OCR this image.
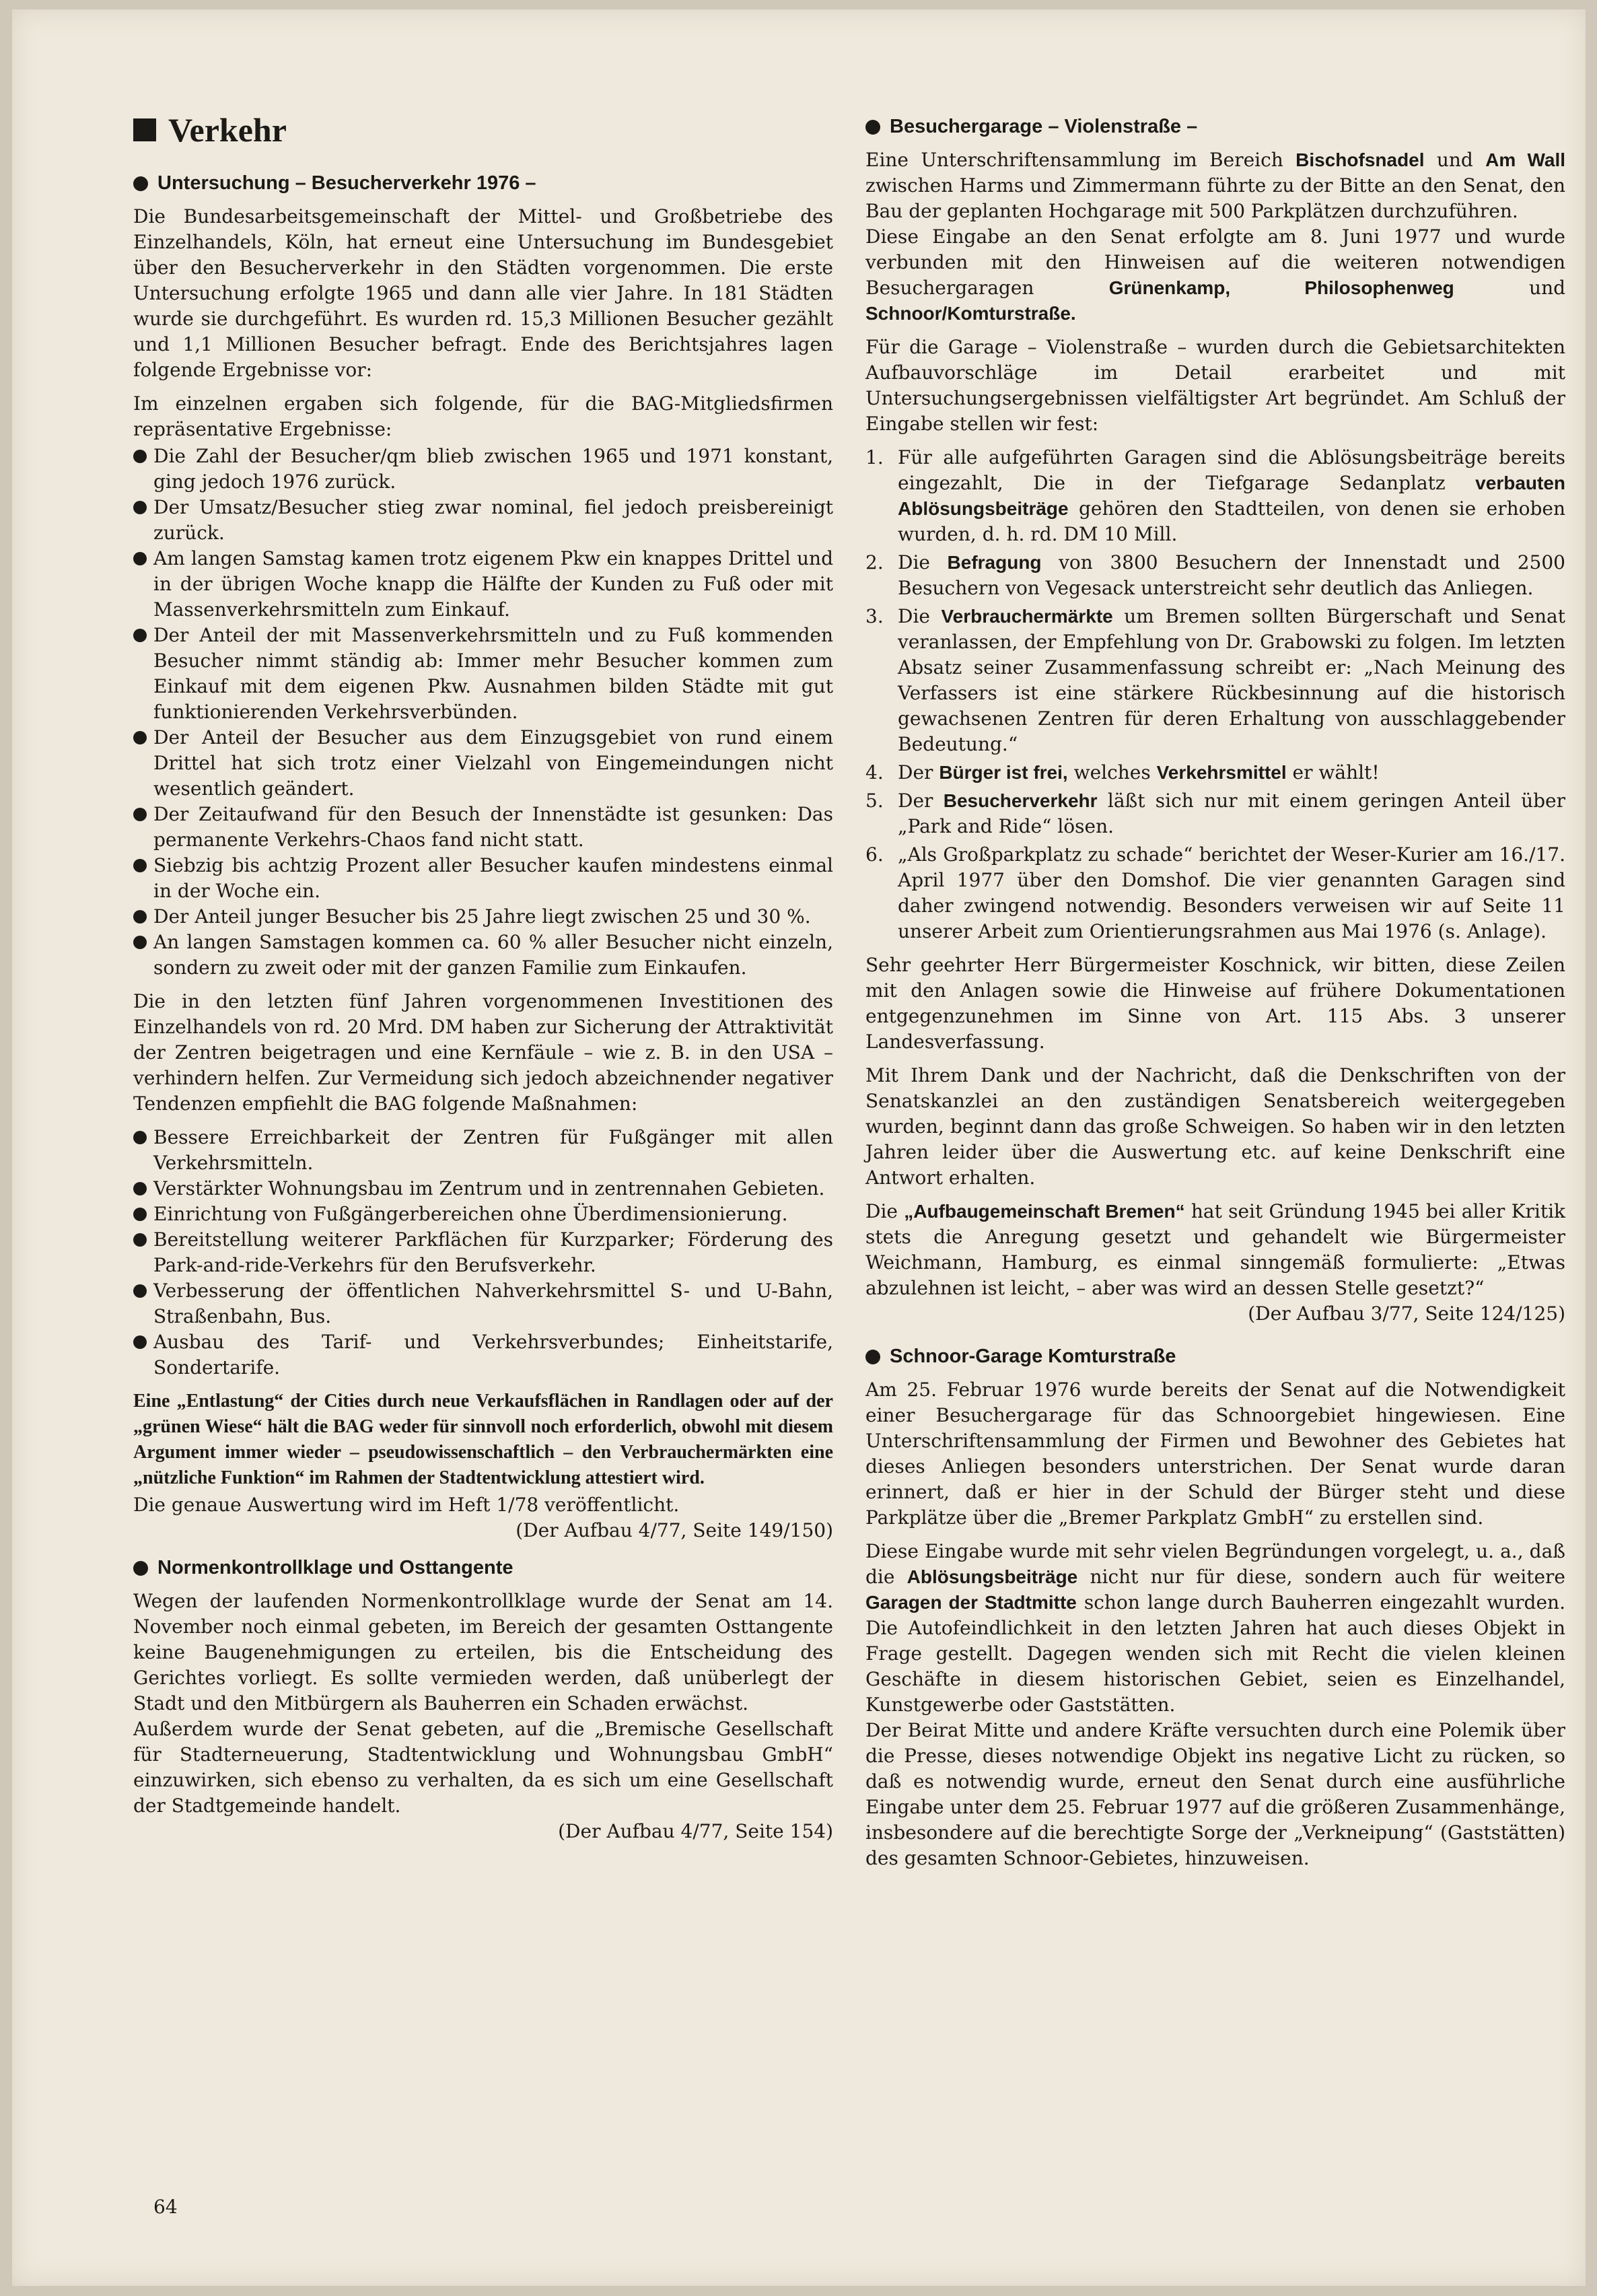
Verkehr
Untersuchung – Besucherverkehr 1976 –

Die Bundesarbeitsgemeinschaft der Mittel- und Großbetriebe des Einzelhandels, Köln, hat erneut eine Untersuchung im Bundesgebiet über den Besucherverkehr in den Städten vorgenommen. Die erste Untersuchung erfolgte 1965 und dann alle vier Jahre. In 181 Städten wurde sie durchgeführt. Es wurden rd. 15,3 Millionen Besucher gezählt und 1,1 Millionen Besucher befragt. Ende des Berichtsjahres lagen folgende Ergebnisse vor:

Im einzelnen ergaben sich folgende, für die BAG-Mitgliedsfirmen repräsentative Ergebnisse:

Die Zahl der Besucher/qm blieb zwischen 1965 und 1971 konstant, ging jedoch 1976 zurück.
Der Umsatz/Besucher stieg zwar nominal, fiel jedoch preisbereinigt zurück.
Am langen Samstag kamen trotz eigenem Pkw ein knappes Drittel und in der übrigen Woche knapp die Hälfte der Kunden zu Fuß oder mit Massenverkehrsmitteln zum Einkauf.
Der Anteil der mit Massenverkehrsmitteln und zu Fuß kommenden Besucher nimmt ständig ab: Immer mehr Besucher kommen zum Einkauf mit dem eigenen Pkw. Ausnahmen bilden Städte mit gut funktionierenden Verkehrsverbünden.
Der Anteil der Besucher aus dem Einzugsgebiet von rund einem Drittel hat sich trotz einer Vielzahl von Eingemeindungen nicht wesentlich geändert.
Der Zeitaufwand für den Besuch der Innenstädte ist gesunken: Das permanente Verkehrs-Chaos fand nicht statt.
Siebzig bis achtzig Prozent aller Besucher kaufen mindestens einmal in der Woche ein.
Der Anteil junger Besucher bis 25 Jahre liegt zwischen 25 und 30 %.
An langen Samstagen kommen ca. 60 % aller Besucher nicht einzeln, sondern zu zweit oder mit der ganzen Familie zum Einkaufen.

Die in den letzten fünf Jahren vorgenommenen Investitionen des Einzelhandels von rd. 20 Mrd. DM haben zur Sicherung der Attraktivität der Zentren beigetragen und eine Kernfäule – wie z. B. in den USA – verhindern helfen. Zur Vermeidung sich jedoch abzeichnender negativer Tendenzen empfiehlt die BAG folgende Maßnahmen:

Bessere Erreichbarkeit der Zentren für Fußgänger mit allen Verkehrsmitteln.
Verstärkter Wohnungsbau im Zentrum und in zentrennahen Gebieten.
Einrichtung von Fußgängerbereichen ohne Überdimensionierung.
Bereitstellung weiterer Parkflächen für Kurzparker; Förderung des Park-and-ride-Verkehrs für den Berufsverkehr.
Verbesserung der öffentlichen Nahverkehrsmittel S- und U-Bahn, Straßenbahn, Bus.
Ausbau des Tarif- und Verkehrsverbundes; Einheitstarife, Sondertarife.

Eine „Entlastung“ der Cities durch neue Verkaufsflächen in Randlagen oder auf der „grünen Wiese“ hält die BAG weder für sinnvoll noch erforderlich, obwohl mit diesem Argument immer wieder – pseudowissenschaftlich – den Verbrauchermärkten eine „nützliche Funktion“ im Rahmen der Stadtentwicklung attestiert wird.

Die genaue Auswertung wird im Heft 1/78 veröffentlicht.

(Der Aufbau 4/77, Seite 149/150)
Normenkontrollklage und Osttangente

Wegen der laufenden Normenkontrollklage wurde der Senat am 14. November noch einmal gebeten, im Bereich der gesamten Osttangente keine Baugenehmigungen zu erteilen, bis die Entscheidung des Gerichtes vorliegt. Es sollte vermieden werden, daß unüberlegt der Stadt und den Mitbürgern als Bauherren ein Schaden erwächst.

Außerdem wurde der Senat gebeten, auf die „Bremische Gesellschaft für Stadterneuerung, Stadtentwicklung und Wohnungsbau GmbH“ einzuwirken, sich ebenso zu verhalten, da es sich um eine Gesellschaft der Stadtgemeinde handelt.

(Der Aufbau 4/77, Seite 154)
Besuchergarage – Violenstraße –

Eine Unterschriftensammlung im Bereich Bischofsnadel und Am Wall zwischen Harms und Zimmermann führte zu der Bitte an den Senat, den Bau der geplanten Hochgarage mit 500 Parkplätzen durchzuführen.

Diese Eingabe an den Senat erfolgte am 8. Juni 1977 und wurde verbunden mit den Hinweisen auf die weiteren notwendigen Besuchergaragen Grünenkamp, Philosophenweg und Schnoor/Komturstraße.

Für die Garage – Violenstraße – wurden durch die Gebietsarchitekten Aufbauvorschläge im Detail erarbeitet und mit Untersuchungsergebnissen vielfältigster Art begründet. Am Schluß der Eingabe stellen wir fest:

1. Für alle aufgeführten Garagen sind die Ablösungsbeiträge bereits eingezahlt, Die in der Tiefgarage Sedanplatz verbauten Ablösungsbeiträge gehören den Stadtteilen, von denen sie erhoben wurden, d. h. rd. DM 10 Mill.
2. Die Befragung von 3800 Besuchern der Innenstadt und 2500 Besuchern von Vegesack unterstreicht sehr deutlich das Anliegen.
3. Die Verbrauchermärkte um Bremen sollten Bürgerschaft und Senat veranlassen, der Empfehlung von Dr. Grabowski zu folgen. Im letzten Absatz seiner Zusammenfassung schreibt er: „Nach Meinung des Verfassers ist eine stärkere Rückbesinnung auf die historisch gewachsenen Zentren für deren Erhaltung von ausschlaggebender Bedeutung.“
4. Der Bürger ist frei, welches Verkehrsmittel er wählt!
5. Der Besucherverkehr läßt sich nur mit einem geringen Anteil über „Park and Ride“ lösen.
6. „Als Großparkplatz zu schade“ berichtet der Weser-Kurier am 16./17. April 1977 über den Domshof. Die vier genannten Garagen sind daher zwingend notwendig. Besonders verweisen wir auf Seite 11 unserer Arbeit zum Orientierungsrahmen aus Mai 1976 (s. Anlage).

Sehr geehrter Herr Bürgermeister Koschnick, wir bitten, diese Zeilen mit den Anlagen sowie die Hinweise auf frühere Dokumentationen entgegenzunehmen im Sinne von Art. 115 Abs. 3 unserer Landesverfassung.

Mit Ihrem Dank und der Nachricht, daß die Denkschriften von der Senatskanzlei an den zuständigen Senatsbereich weitergegeben wurden, beginnt dann das große Schweigen. So haben wir in den letzten Jahren leider über die Auswertung etc. auf keine Denkschrift eine Antwort erhalten.

Die „Aufbaugemeinschaft Bremen“ hat seit Gründung 1945 bei aller Kritik stets die Anregung gesetzt und gehandelt wie Bürgermeister Weichmann, Hamburg, es einmal sinngemäß formulierte: „Etwas abzulehnen ist leicht, – aber was wird an dessen Stelle gesetzt?“

(Der Aufbau 3/77, Seite 124/125)
Schnoor-Garage Komturstraße

Am 25. Februar 1976 wurde bereits der Senat auf die Notwendigkeit einer Besuchergarage für das Schnoorgebiet hingewiesen. Eine Unterschriftensammlung der Firmen und Bewohner des Gebietes hat dieses Anliegen besonders unterstrichen. Der Senat wurde daran erinnert, daß er hier in der Schuld der Bürger steht und diese Parkplätze über die „Bremer Parkplatz GmbH“ zu erstellen sind.

Diese Eingabe wurde mit sehr vielen Begründungen vorgelegt, u. a., daß die Ablösungsbeiträge nicht nur für diese, sondern auch für weitere Garagen der Stadtmitte schon lange durch Bauherren eingezahlt wurden. Die Autofeindlichkeit in den letzten Jahren hat auch dieses Objekt in Frage gestellt. Dagegen wenden sich mit Recht die vielen kleinen Geschäfte in diesem historischen Gebiet, seien es Einzelhandel, Kunstgewerbe oder Gaststätten.

Der Beirat Mitte und andere Kräfte versuchten durch eine Polemik über die Presse, dieses notwendige Objekt ins negative Licht zu rücken, so daß es notwendig wurde, erneut den Senat durch eine ausführliche Eingabe unter dem 25. Februar 1977 auf die größeren Zusammenhänge, insbesondere auf die berechtigte Sorge der „Verkneipung“ (Gaststätten) des gesamten Schnoor-Gebietes, hinzuweisen.

64
